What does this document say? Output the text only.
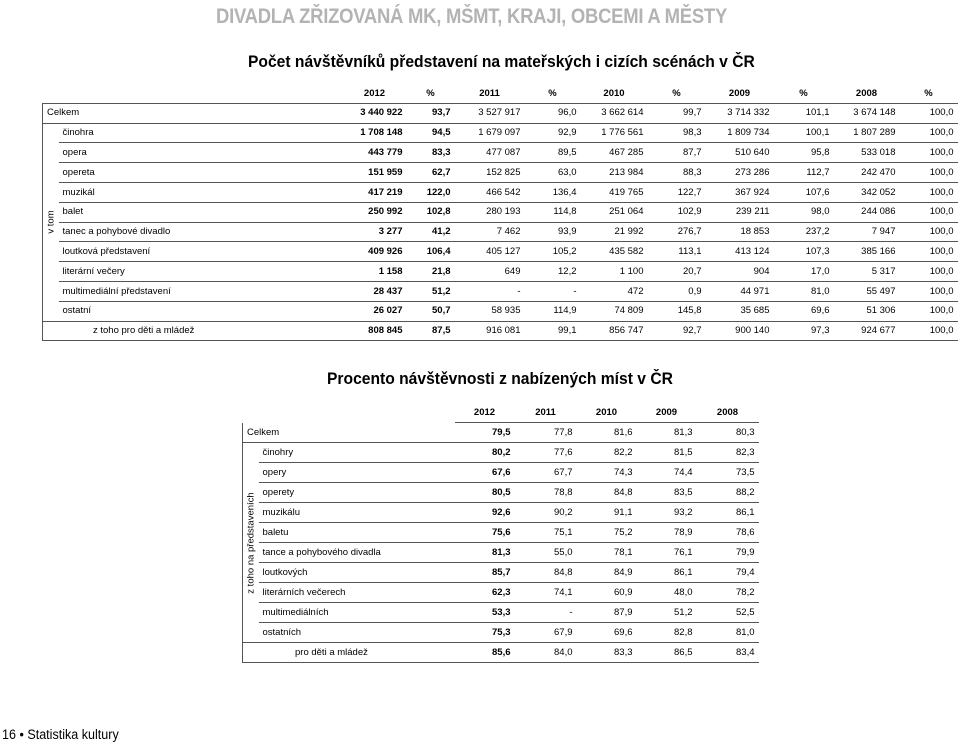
DIVADLA ZŘIZOVANÁ MK, MŠMT, KRAJI, OBCEMI A MĚSTY
Počet návštěvníků představení na mateřských i cizích scénách v ČR
		2012	%	2011	%	2010	%	2009	%	2008	%
Celkem		3 440 922	93,7	3 527 917	96,0	3 662 614	99,7	3 714 332	101,1	3 674 148	100,0

v tom	činohra	1 708 148	94,5	1 679 097	92,9	1 776 561	98,3	1 809 734	100,1	1 807 289	100,0
	opera	443 779	83,3	477 087	89,5	467 285	87,7	510 640	95,8	533 018	100,0
	opereta	151 959	62,7	152 825	63,0	213 984	88,3	273 286	112,7	242 470	100,0
	muzikál	417 219	122,0	466 542	136,4	419 765	122,7	367 924	107,6	342 052	100,0
	balet	250 992	102,8	280 193	114,8	251 064	102,9	239 211	98,0	244 086	100,0
	tanec a pohybové divadlo	3 277	41,2	7 462	93,9	21 992	276,7	18 853	237,2	7 947	100,0
	loutková představení	409 926	106,4	405 127	105,2	435 582	113,1	413 124	107,3	385 166	100,0
	literární večery	1 158	21,8	649	12,2	1 100	20,7	904	17,0	5 317	100,0
	multimediální představení	28 437	51,2	-	-	472	0,9	44 971	81,0	55 497	100,0
	ostatní	26 027	50,7	58 935	114,9	74 809	145,8	35 685	69,6	51 306	100,0
z toho pro děti a mládež		808 845	87,5	916 081	99,1	856 747	92,7	900 140	97,3	924 677	100,0
Procento návštěvnosti z nabízených míst v ČR
		2012	2011	2010	2009	2008
Celkem		79,5	77,8	81,6	81,3	80,3

z toho na představeních	činohry	80,2	77,6	82,2	81,5	82,3
	opery	67,6	67,7	74,3	74,4	73,5
	operety	80,5	78,8	84,8	83,5	88,2
	muzikálu	92,6	90,2	91,1	93,2	86,1
	baletu	75,6	75,1	75,2	78,9	78,6
	tance a pohybového divadla	81,3	55,0	78,1	76,1	79,9
	loutkových	85,7	84,8	84,9	86,1	79,4
	literárních večerech	62,3	74,1	60,9	48,0	78,2
	multimediálních	53,3	-	87,9	51,2	52,5
	ostatních	75,3	67,9	69,6	82,8	81,0
pro děti a mládež		85,6	84,0	83,3	86,5	83,4
16 • Statistika kultury
